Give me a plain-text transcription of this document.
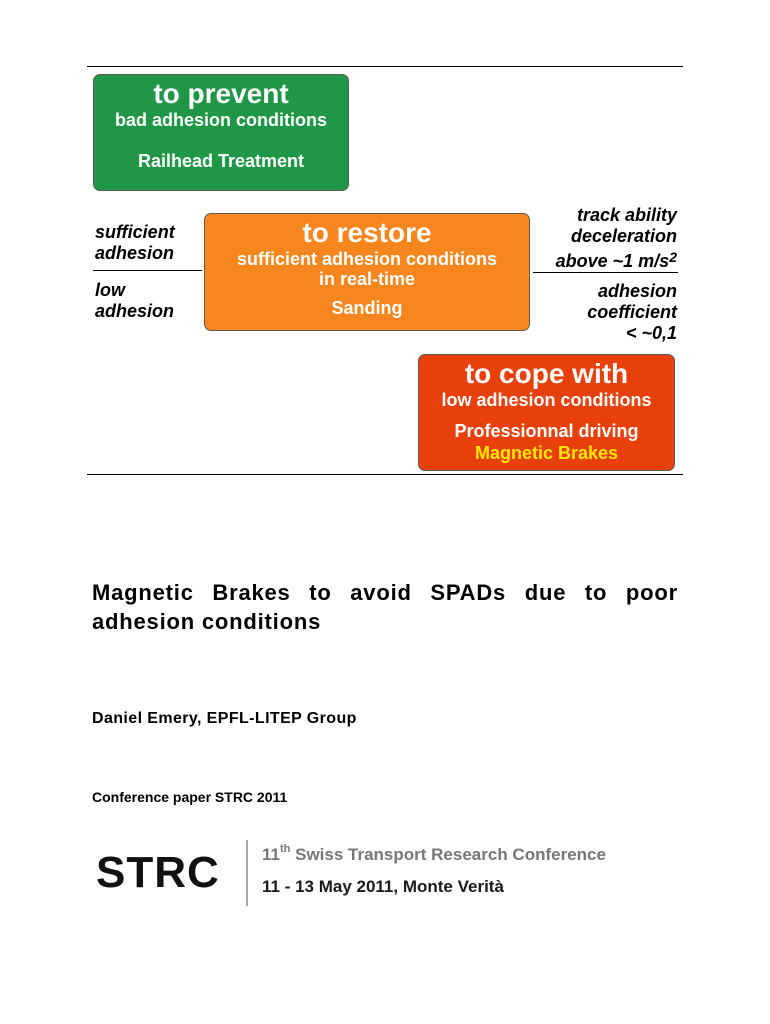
to prevent
bad adhesion conditions
Railhead Treatment
to restore
sufficient adhesion conditions
in real-time
Sanding
to cope with
low adhesion conditions
Professionnal driving
Magnetic Brakes
sufficient
adhesion
low
adhesion
track ability
deceleration
above ~1 $m/s^2$
adhesion
coefficient
< ~0,1
Magnetic Brakes to avoid SPADs due to poor adhesion conditions
Daniel Emery, EPFL-LITEP Group
Conference paper STRC 2011
STRC 11th Swiss Transport Research Conference
11 - 13 May 2011, Monte Verità
